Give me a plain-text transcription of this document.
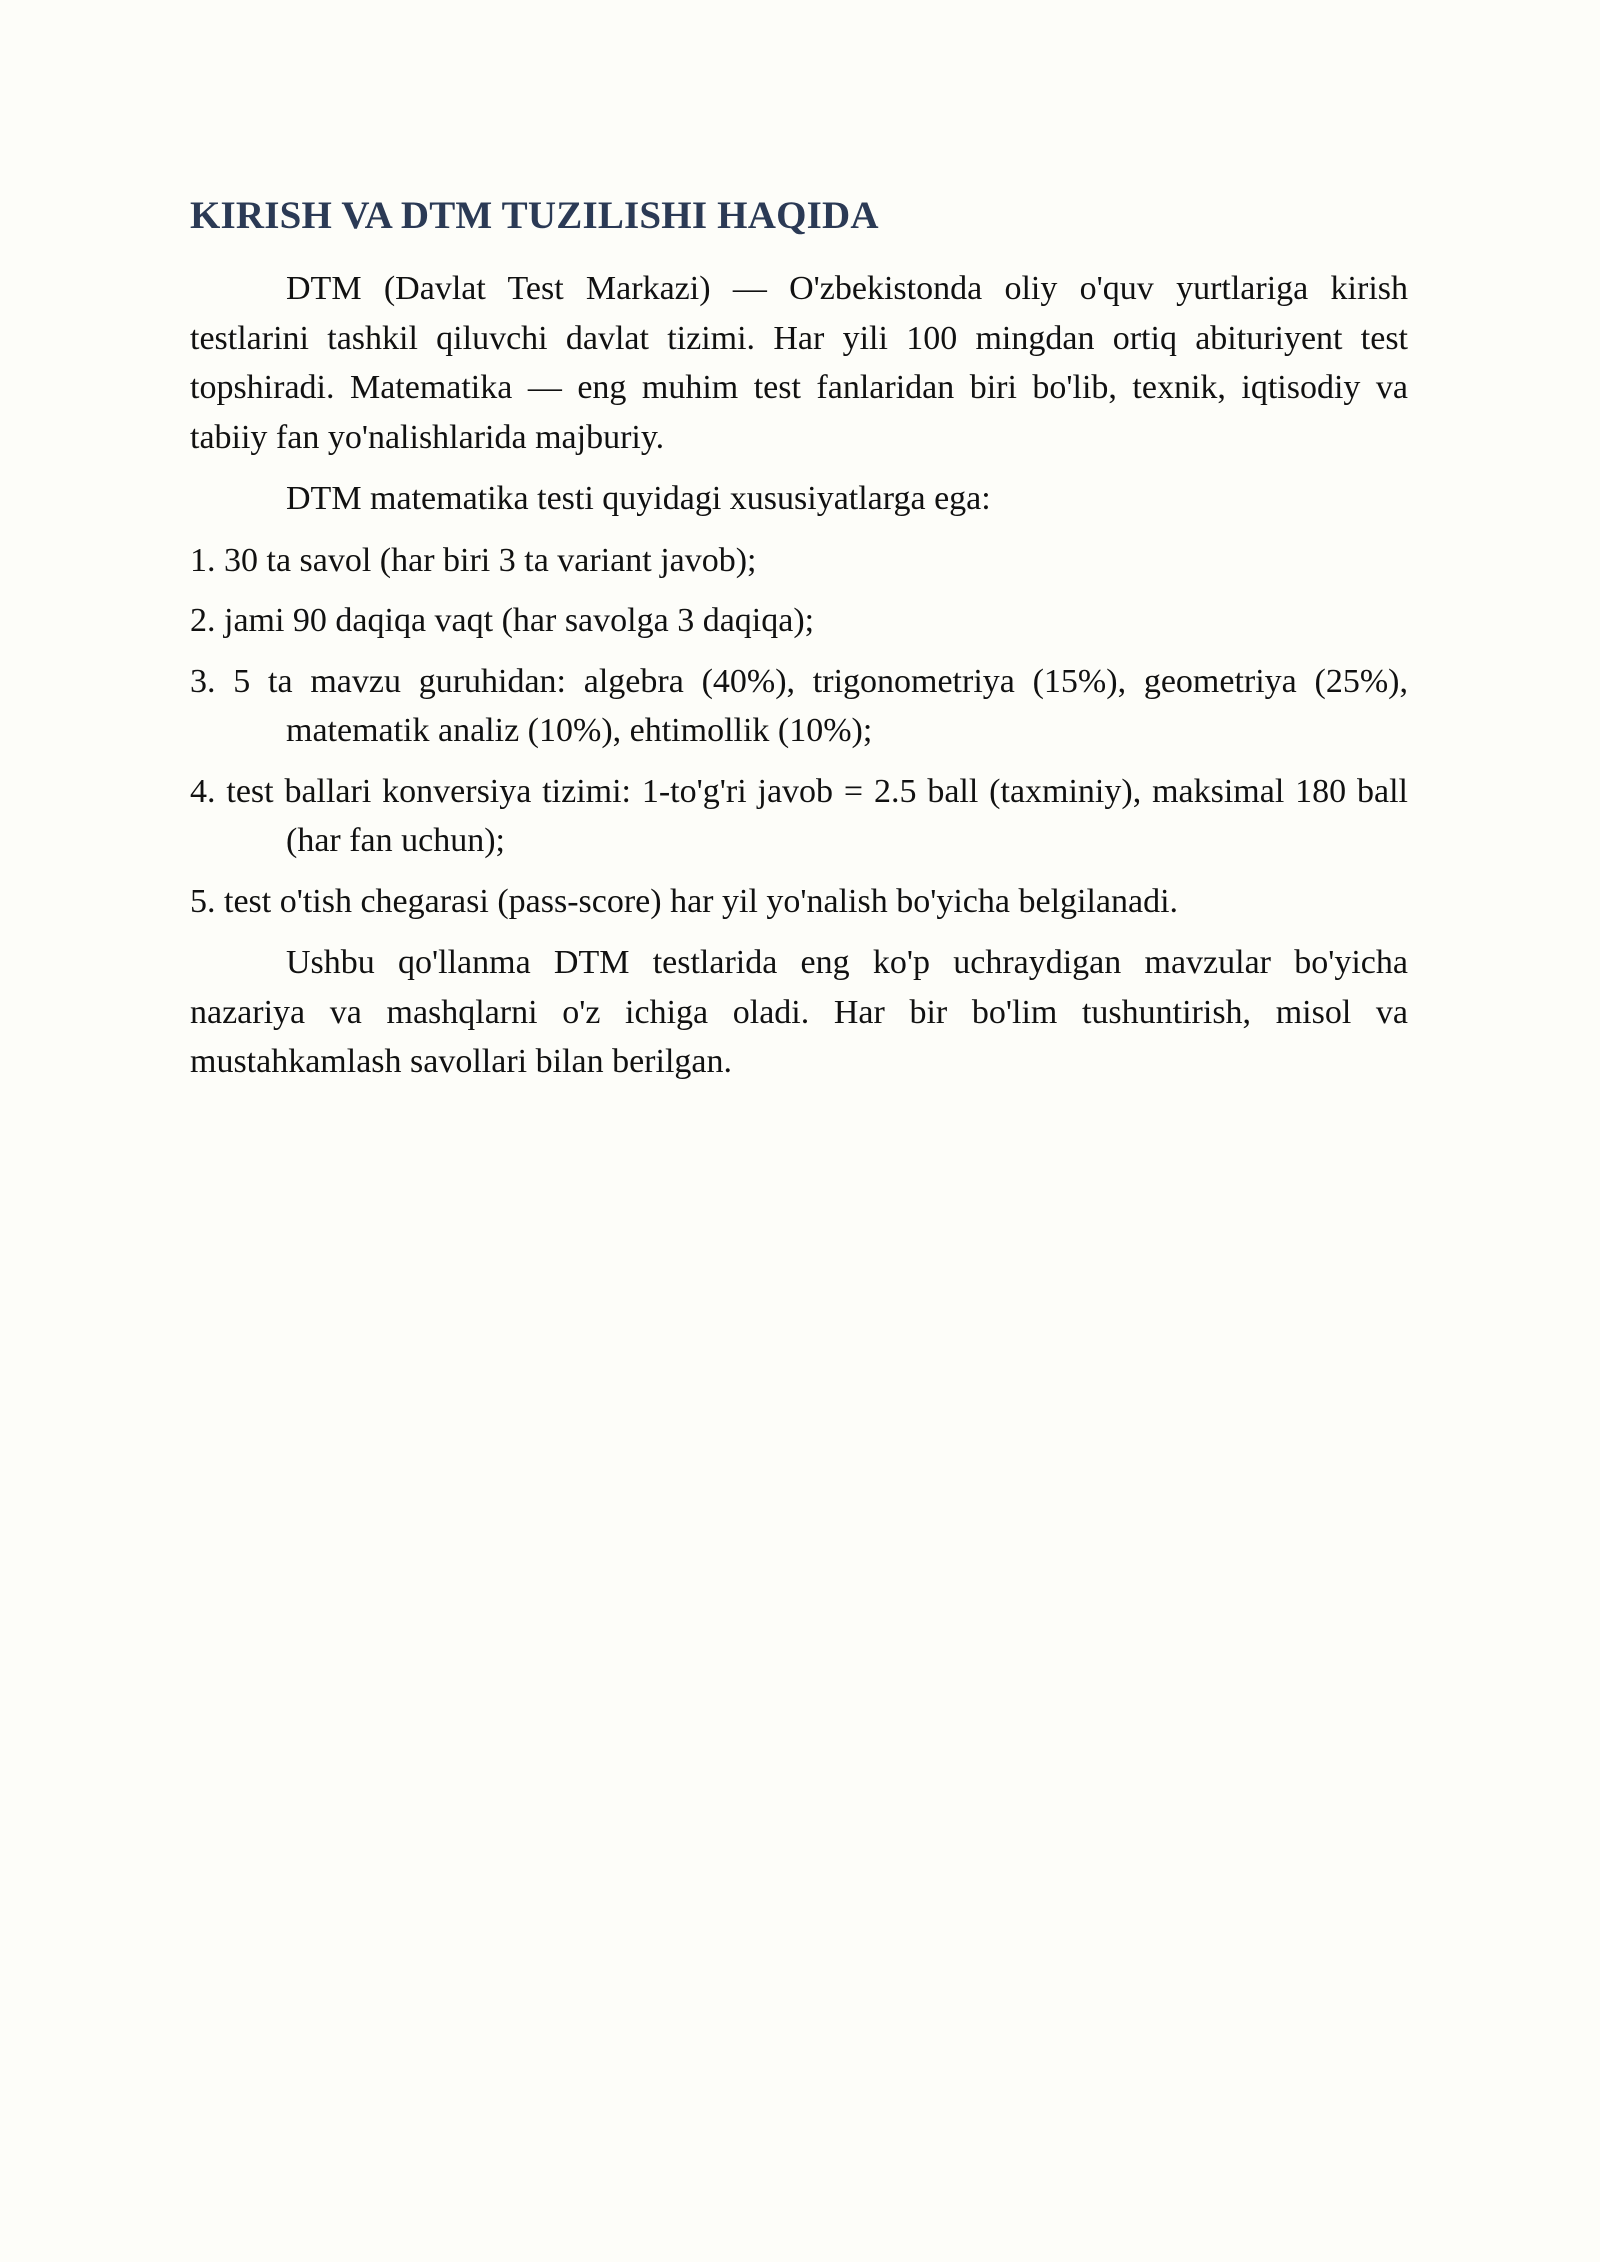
KIRISH VA DTM TUZILISHI HAQIDA

DTM (Davlat Test Markazi) — O'zbekistonda oliy o'quv yurtlariga kirish testlarini tashkil qiluvchi davlat tizimi. Har yili 100 mingdan ortiq abituriyent test topshiradi. Matematika — eng muhim test fanlaridan biri bo'lib, texnik, iqtisodiy va tabiiy fan yo'nalishlarida majburiy.

DTM matematika testi quyidagi xususiyatlarga ega:

1. 30 ta savol (har biri 3 ta variant javob);
2. jami 90 daqiqa vaqt (har savolga 3 daqiqa);
3. 5 ta mavzu guruhidan: algebra (40%), trigonometriya (15%), geometriya (25%), matematik analiz (10%), ehtimollik (10%);
4. test ballari konversiya tizimi: 1-to'g'ri javob = 2.5 ball (taxminiy), maksimal 180 ball (har fan uchun);
5. test o'tish chegarasi (pass-score) har yil yo'nalish bo'yicha belgilanadi.

Ushbu qo'llanma DTM testlarida eng ko'p uchraydigan mavzular bo'yicha nazariya va mashqlarni o'z ichiga oladi. Har bir bo'lim tushuntirish, misol va mustahkamlash savollari bilan berilgan.
